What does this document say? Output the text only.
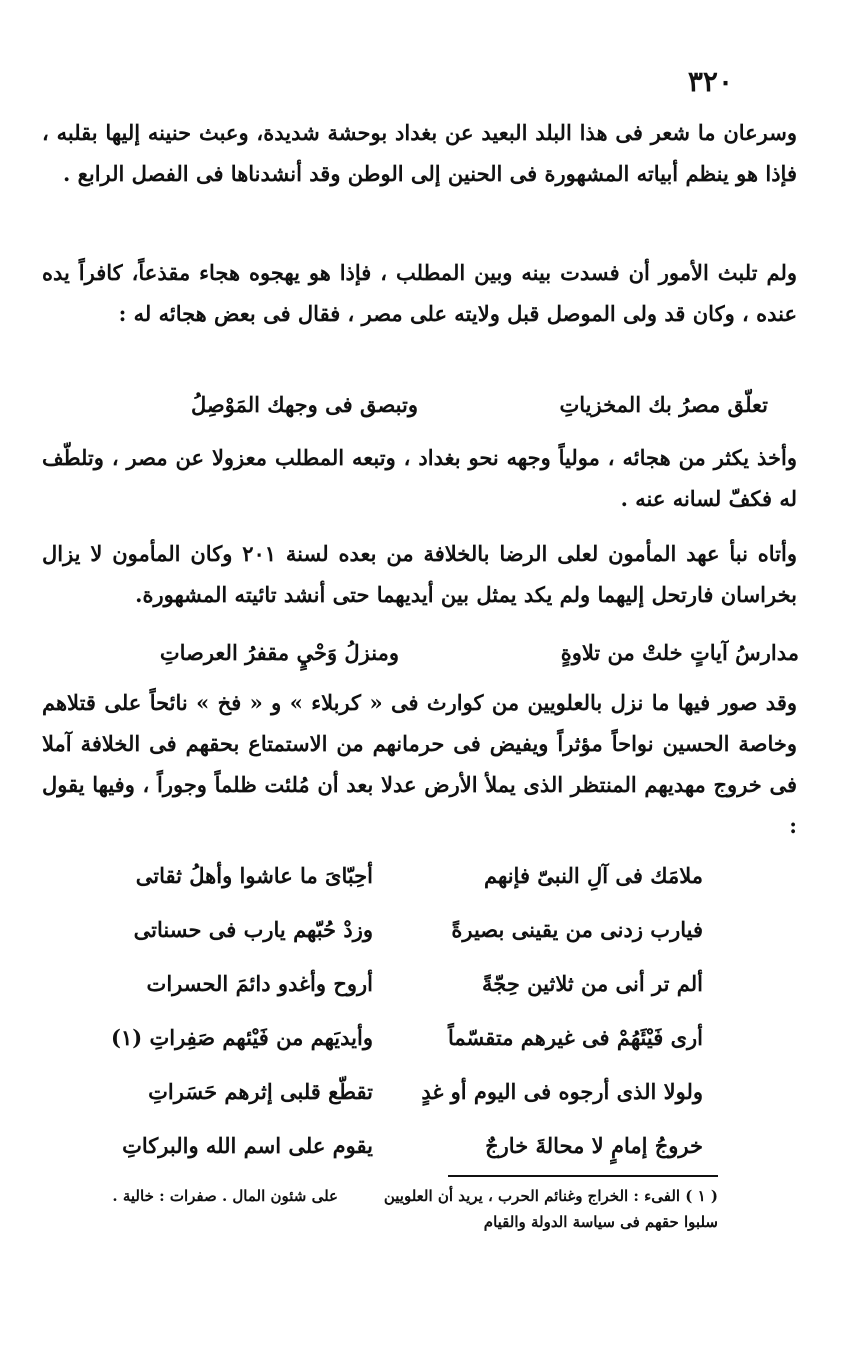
٣٢٠

وسرعان ما شعر فى هذا البلد البعيد عن بغداد بوحشة شديدة، وعبث حنينه إليها بقلبه ، فإذا هو ينظم أبياته المشهورة فى الحنين إلى الوطن وقد أنشدناها فى الفصل الرابع .

ولم تلبث الأمور أن فسدت بينه وبين المطلب ، فإذا هو يهجوه هجاء مقذعاً، كافراً يده عنده ، وكان قد ولى الموصل قبل ولايته على مصر ، فقال فى بعض هجائه له :

تعلّق مصرُ بك المخزياتِ
وتبصق فى وجهك المَوْصِلُ

وأخذ يكثر من هجائه ، مولياً وجهه نحو بغداد ، وتبعه المطلب معزولا عن مصر ، وتلطّف له فكفّ لسانه عنه .

وأتاه نبأ عهد المأمون لعلى الرضا بالخلافة من بعده لسنة ٢٠١ وكان المأمون لا يزال بخراسان فارتحل إليهما ولم يكد يمثل بين أيديهما حتى أنشد تائيته المشهورة.

مدارسُ آياتٍ خلتْ من تلاوةٍ
ومنزلُ وَحْيٍ مقفرُ العرصاتِ

وقد صور فيها ما نزل بالعلويين من كوارث فى « كربلاء » و « فخ » نائحاً على قتلاهم وخاصة الحسين نواحاً مؤثراً ويفيض فى حرمانهم من الاستمتاع بحقهم فى الخلافة آملا فى خروج مهديهم المنتظر الذى يملأ الأرض عدلا بعد أن مُلئت ظلماً وجوراً ، وفيها يقول :

ملامَك فى آلِ النبىّ فإنهم
أحِبّاىَ ما عاشوا وأهلُ ثقاتى
فيارب زدنى من يقينى بصيرةً
وزدْ حُبّهم يارب فى حسناتى
ألم تر أنى من ثلاثين حِجّةً
أروح وأغدو دائمَ الحسرات
أرى فَيْئَهُمْ فى غيرهم متقسّماً
وأيديَهم من فَيْئهم صَفِراتِ (١)
ولولا الذى أرجوه فى اليوم أو غدٍ
تقطّع قلبى إثرهم حَسَراتِ
خروجُ إمامٍ لا محالةَ خارجٌ
يقوم على اسم الله والبركاتِ
( ١ ) الفىء : الخراج وغنائم الحرب ، يريد أن العلويين سلبوا حقهم فى سياسة الدولة والقيام
على شئون المال . صفرات : خالية .
